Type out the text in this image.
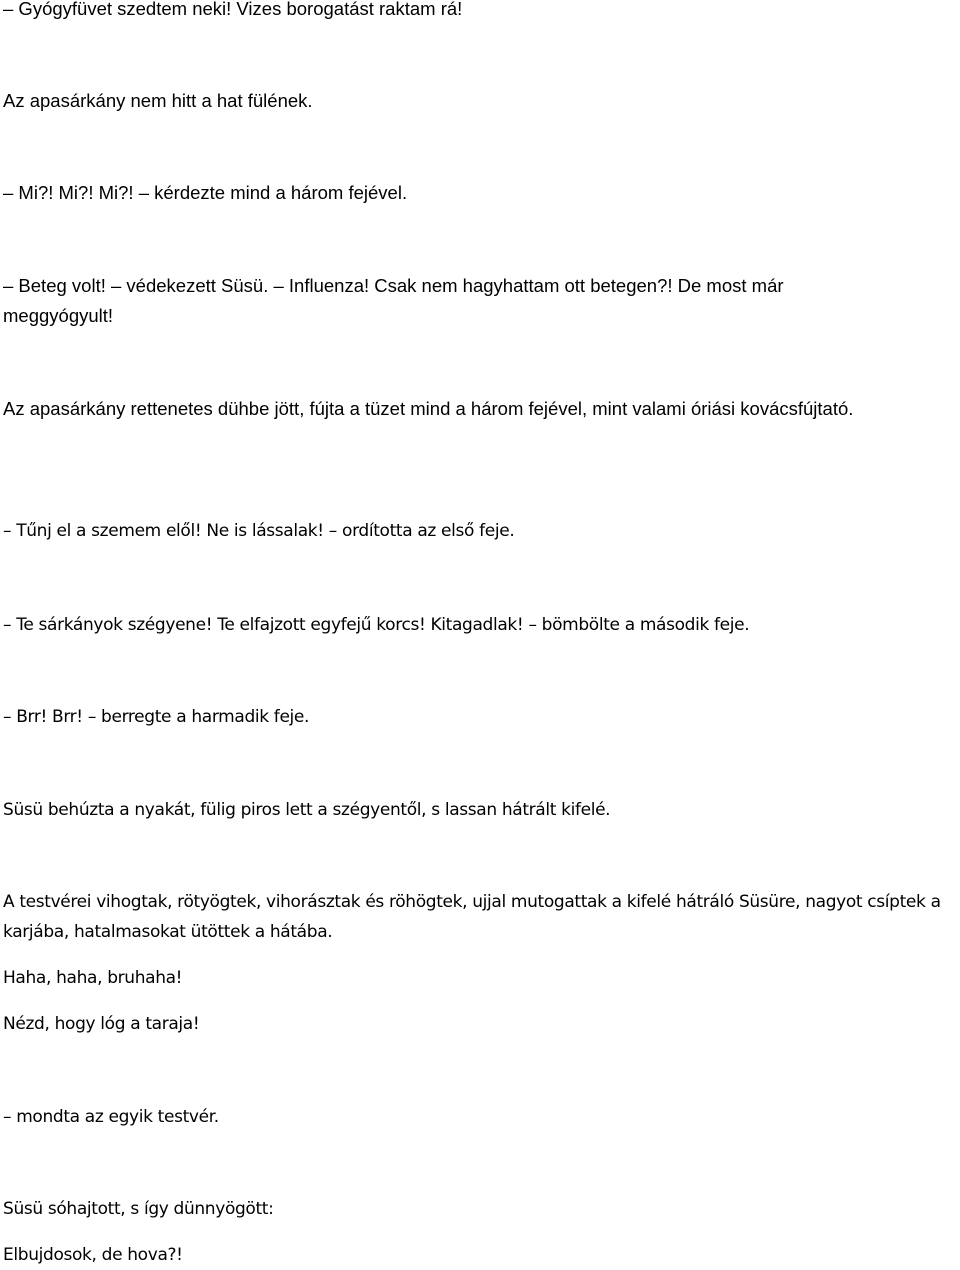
– Gyógyfüvet szedtem neki! Vizes borogatást raktam rá!

Az apasárkány nem hitt a hat fülének.

– Mi?! Mi?! Mi?! – kérdezte mind a három fejével.

– Beteg volt! – védekezett Süsü. – Influenza! Csak nem hagyhattam ott betegen?! De most már meggyógyult!

Az apasárkány rettenetes dühbe jött, fújta a tüzet mind a három fejével, mint valami óriási kovácsfújtató.

– Tűnj el a szemem elől! Ne is lássalak! – ordította az első feje.

– Te sárkányok szégyene! Te elfajzott egyfejű korcs! Kitagadlak! – bömbölte a második feje.

– Brr! Brr! – berregte a harmadik feje.

Süsü behúzta a nyakát, fülig piros lett a szégyentől, s lassan hátrált kifelé.

A testvérei vihogtak, rötyögtek, vihorásztak és röhögtek, ujjal mutogattak a kifelé hátráló Süsüre, nagyot csíptek a karjába, hatalmasokat ütöttek a hátába.

Haha, haha, bruhaha!

Nézd, hogy lóg a taraja!

– mondta az egyik testvér.

Süsü sóhajtott, s így dünnyögött:

Elbujdosok, de hova?!
